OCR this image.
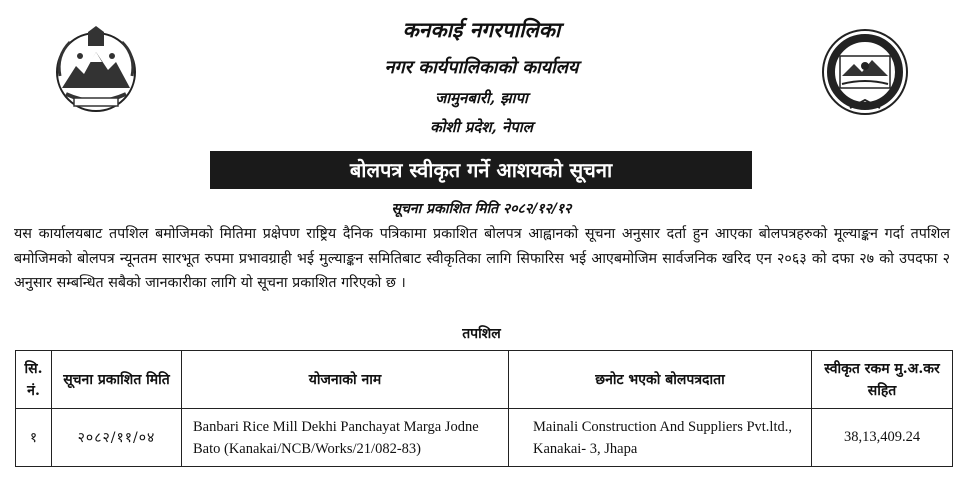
कनकाई नगरपालिका
नगर कार्यपालिकाको कार्यालय
जामुनबारी, झापा
कोशी प्रदेश, नेपाल
बोलपत्र स्वीकृत गर्ने आशयको सूचना
सूचना प्रकाशित मिति २०८२/१२/१२

यस कार्यालयबाट तपशिल बमोजिमको मितिमा प्रक्षेपण राष्ट्रिय दैनिक पत्रिकामा प्रकाशित बोलपत्र आह्वानको सूचना अनुसार दर्ता हुन आएका बोलपत्रहरुको मूल्याङ्कन गर्दा तपशिल बमोजिमको बोलपत्र न्यूनतम सारभूत रुपमा प्रभावग्राही भई मुल्याङ्कन समितिबाट स्वीकृतिका लागि सिफारिस भई आएबमोजिम सार्वजनिक खरिद एन २०६३ को दफा २७ को उपदफा २ अनुसार सम्बन्धित सबैको जानकारीका लागि यो सूचना प्रकाशित गरिएको छ ।

तपशिल
सि. नं.	सूचना प्रकाशित मिति	योजनाको नाम	छनोट भएको बोलपत्रदाता	स्वीकृत रकम मु.अ.कर सहित
१	२०८२/११/०४	Banbari Rice Mill Dekhi Panchayat Marga Jodne Bato (Kanakai/NCB/Works/21/082-83)	Mainali Construction And Suppliers Pvt.ltd., Kanakai- 3, Jhapa	38,13,409.24
